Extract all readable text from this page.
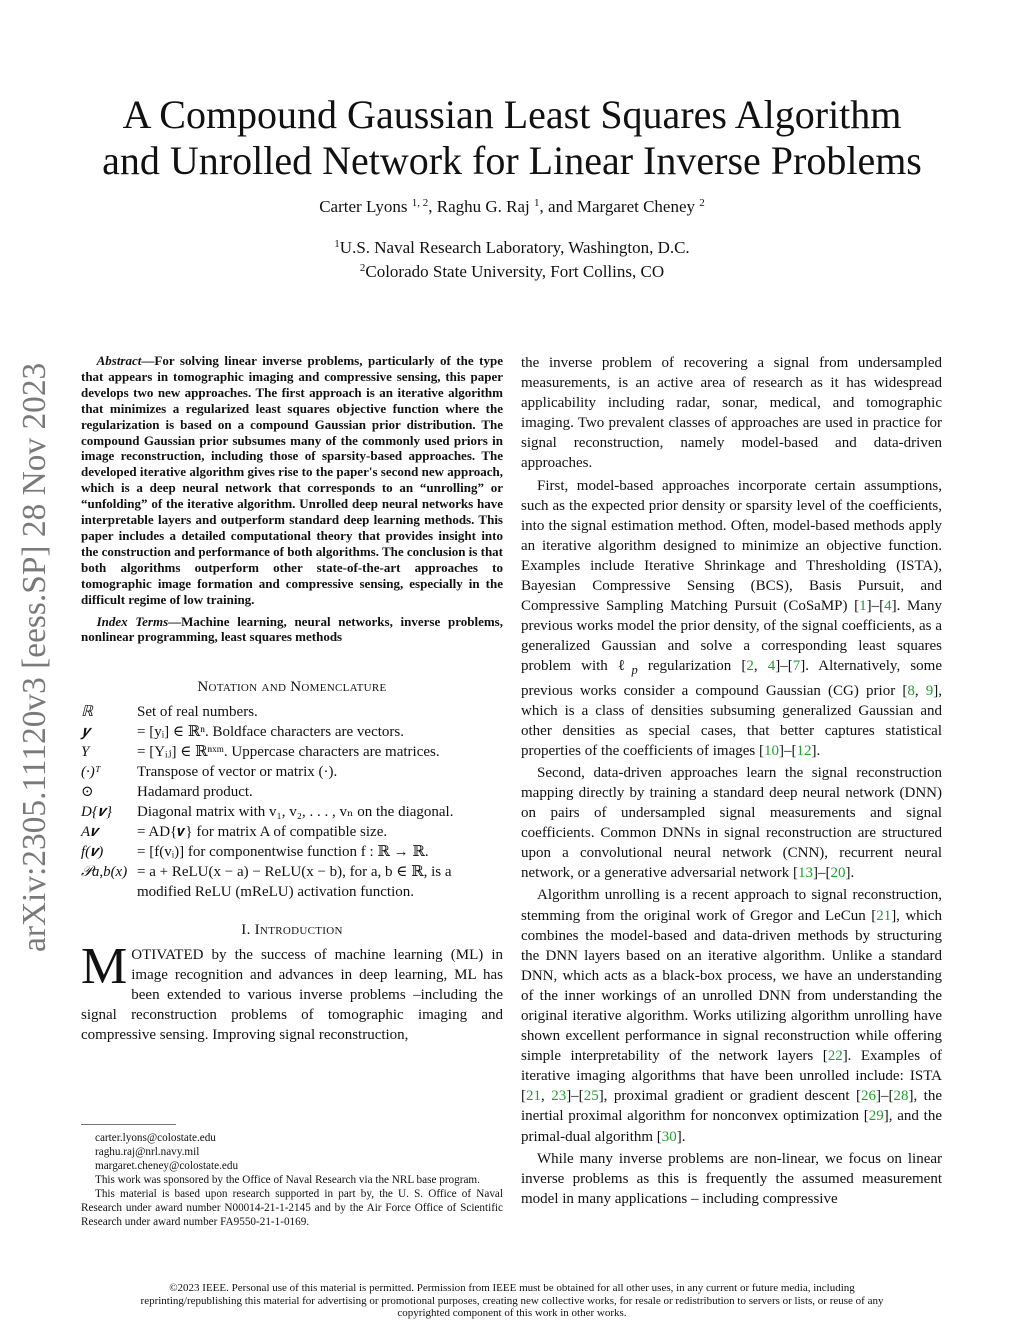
arXiv:2305.11120v3 [eess.SP] 28 Nov 2023
A Compound Gaussian Least Squares Algorithm
and Unrolled Network for Linear Inverse Problems
Carter Lyons $^{1, 2}$, Raghu G. Raj $^1$, and Margaret Cheney $^2$
$^1$U.S. Naval Research Laboratory, Washington, D.C.
$^2$Colorado State University, Fort Collins, CO

Abstract—For solving linear inverse problems, particularly of the type that appears in tomographic imaging and compressive sensing, this paper develops two new approaches. The first approach is an iterative algorithm that minimizes a regularized least squares objective function where the regularization is based on a compound Gaussian prior distribution. The compound Gaussian prior subsumes many of the commonly used priors in image reconstruction, including those of sparsity-based approaches. The developed iterative algorithm gives rise to the paper's second new approach, which is a deep neural network that corresponds to an “unrolling” or “unfolding” of the iterative algorithm. Unrolled deep neural networks have interpretable layers and outperform standard deep learning methods. This paper includes a detailed computational theory that provides insight into the construction and performance of both algorithms. The conclusion is that both algorithms outperform other state-of-the-art approaches to tomographic image formation and compressive sensing, especially in the difficult regime of low training.

Index Terms—Machine learning, neural networks, inverse problems, nonlinear programming, least squares methods

Notation and Nomenclature

ℝ	Set of real numbers.
𝒚	= [yᵢ] ∈ ℝⁿ. Boldface characters are vectors.
Y	= [Yᵢⱼ] ∈ ℝⁿˣᵐ. Uppercase characters are matrices.
(·)ᵀ	Transpose of vector or matrix (·).
⊙	Hadamard product.
D{𝒗}	Diagonal matrix with v₁, v₂, . . . , vₙ on the diagonal.
A𝒗	= AD{𝒗} for matrix A of compatible size.
f(𝒗)	= [f(vᵢ)] for componentwise function f : ℝ → ℝ.
𝒫a,b(x) = a + ReLU(x − a) − ReLU(x − b), for a, b ∈ ℝ, is a modified ReLU (mReLU) activation function.

I. Introduction

MOTIVATED by the success of machine learning (ML) in image recognition and advances in deep learning, ML has been extended to various inverse problems –including the signal reconstruction problems of tomographic imaging and compressive sensing. Improving signal reconstruction,

carter.lyons@colostate.edu

raghu.raj@nrl.navy.mil

margaret.cheney@colostate.edu

This work was sponsored by the Office of Naval Research via the NRL base program.

This material is based upon research supported in part by, the U. S. Office of Naval Research under award number N00014-21-1-2145 and by the Air Force Office of Scientific Research under award number FA9550-21-1-0169.

the inverse problem of recovering a signal from undersampled measurements, is an active area of research as it has widespread applicability including radar, sonar, medical, and tomographic imaging. Two prevalent classes of approaches are used in practice for signal reconstruction, namely model-based and data-driven approaches.

First, model-based approaches incorporate certain assumptions, such as the expected prior density or sparsity level of the coefficients, into the signal estimation method. Often, model-based methods apply an iterative algorithm designed to minimize an objective function. Examples include Iterative Shrinkage and Thresholding (ISTA), Bayesian Compressive Sensing (BCS), Basis Pursuit, and Compressive Sampling Matching Pursuit (CoSaMP) [1]–[4]. Many previous works model the prior density, of the signal coefficients, as a generalized Gaussian and solve a corresponding least squares problem with ℓ$_p$ regularization [2, 4]–[7]. Alternatively, some previous works consider a compound Gaussian (CG) prior [8, 9], which is a class of densities subsuming generalized Gaussian and other densities as special cases, that better captures statistical properties of the coefficients of images [10]–[12].

Second, data-driven approaches learn the signal reconstruction mapping directly by training a standard deep neural network (DNN) on pairs of undersampled signal measurements and signal coefficients. Common DNNs in signal reconstruction are structured upon a convolutional neural network (CNN), recurrent neural network, or a generative adversarial network [13]–[20].

Algorithm unrolling is a recent approach to signal reconstruction, stemming from the original work of Gregor and LeCun [21], which combines the model-based and data-driven methods by structuring the DNN layers based on an iterative algorithm. Unlike a standard DNN, which acts as a black-box process, we have an understanding of the inner workings of an unrolled DNN from understanding the original iterative algorithm. Works utilizing algorithm unrolling have shown excellent performance in signal reconstruction while offering simple interpretability of the network layers [22]. Examples of iterative imaging algorithms that have been unrolled include: ISTA [21, 23]–[25], proximal gradient or gradient descent [26]–[28], the inertial proximal algorithm for nonconvex optimization [29], and the primal-dual algorithm [30].

While many inverse problems are non-linear, we focus on linear inverse problems as this is frequently the assumed measurement model in many applications – including compressive

©2023 IEEE. Personal use of this material is permitted. Permission from IEEE must be obtained for all other uses, in any current or future media, including

reprinting/republishing this material for advertising or promotional purposes, creating new collective works, for resale or redistribution to servers or lists, or reuse of any

copyrighted component of this work in other works.
